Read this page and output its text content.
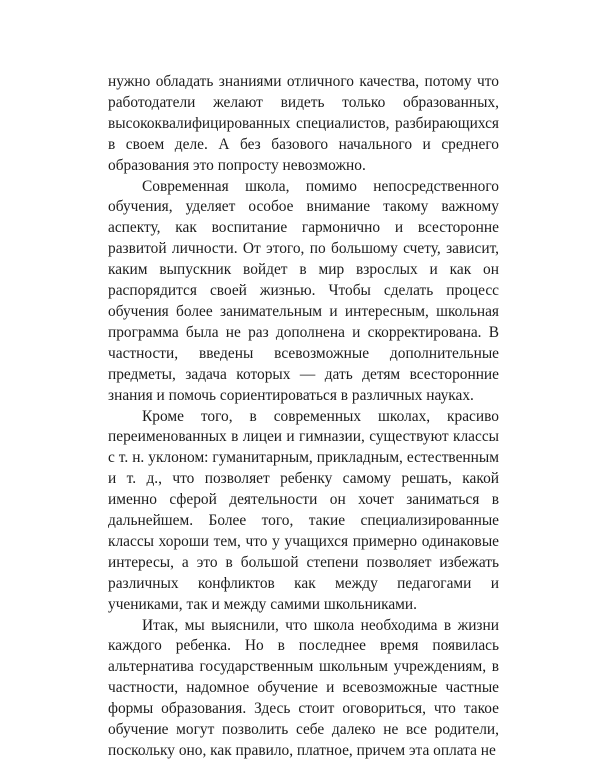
нужно обладать знаниями отличного качества, потому что работодатели желают видеть только образованных, высококвалифицированных специалистов, разбирающихся в своем деле. А без базового начального и среднего образования это попросту невозможно.

Современная школа, помимо непосредственного обучения, уделяет особое внимание такому важному аспекту, как воспитание гармонично и всесторонне развитой личности. От этого, по большому счету, зависит, каким выпускник войдет в мир взрослых и как он распорядится своей жизнью. Чтобы сделать процесс обучения более занимательным и интересным, школьная программа была не раз дополнена и скорректирована. В частности, введены всевозможные дополнительные предметы, задача которых — дать детям всесторонние знания и помочь сориентироваться в различных науках.

Кроме того, в современных школах, красиво переименованных в лицеи и гимназии, существуют классы с т. н. уклоном: гуманитарным, прикладным, естественным и т. д., что позволяет ребенку самому решать, какой именно сферой деятельности он хочет заниматься в дальнейшем. Более того, такие специализированные классы хороши тем, что у учащихся примерно одинаковые интересы, а это в большой степени позволяет избежать различных конфликтов как между педагогами и учениками, так и между самими школьниками.

Итак, мы выяснили, что школа необходима в жизни каждого ребенка. Но в последнее время появилась альтернатива государственным школьным учреждениям, в частности, надомное обучение и всевозможные частные формы образования. Здесь стоит оговориться, что такое обучение могут позволить себе далеко не все родители, поскольку оно, как правило, платное, причем эта оплата не
